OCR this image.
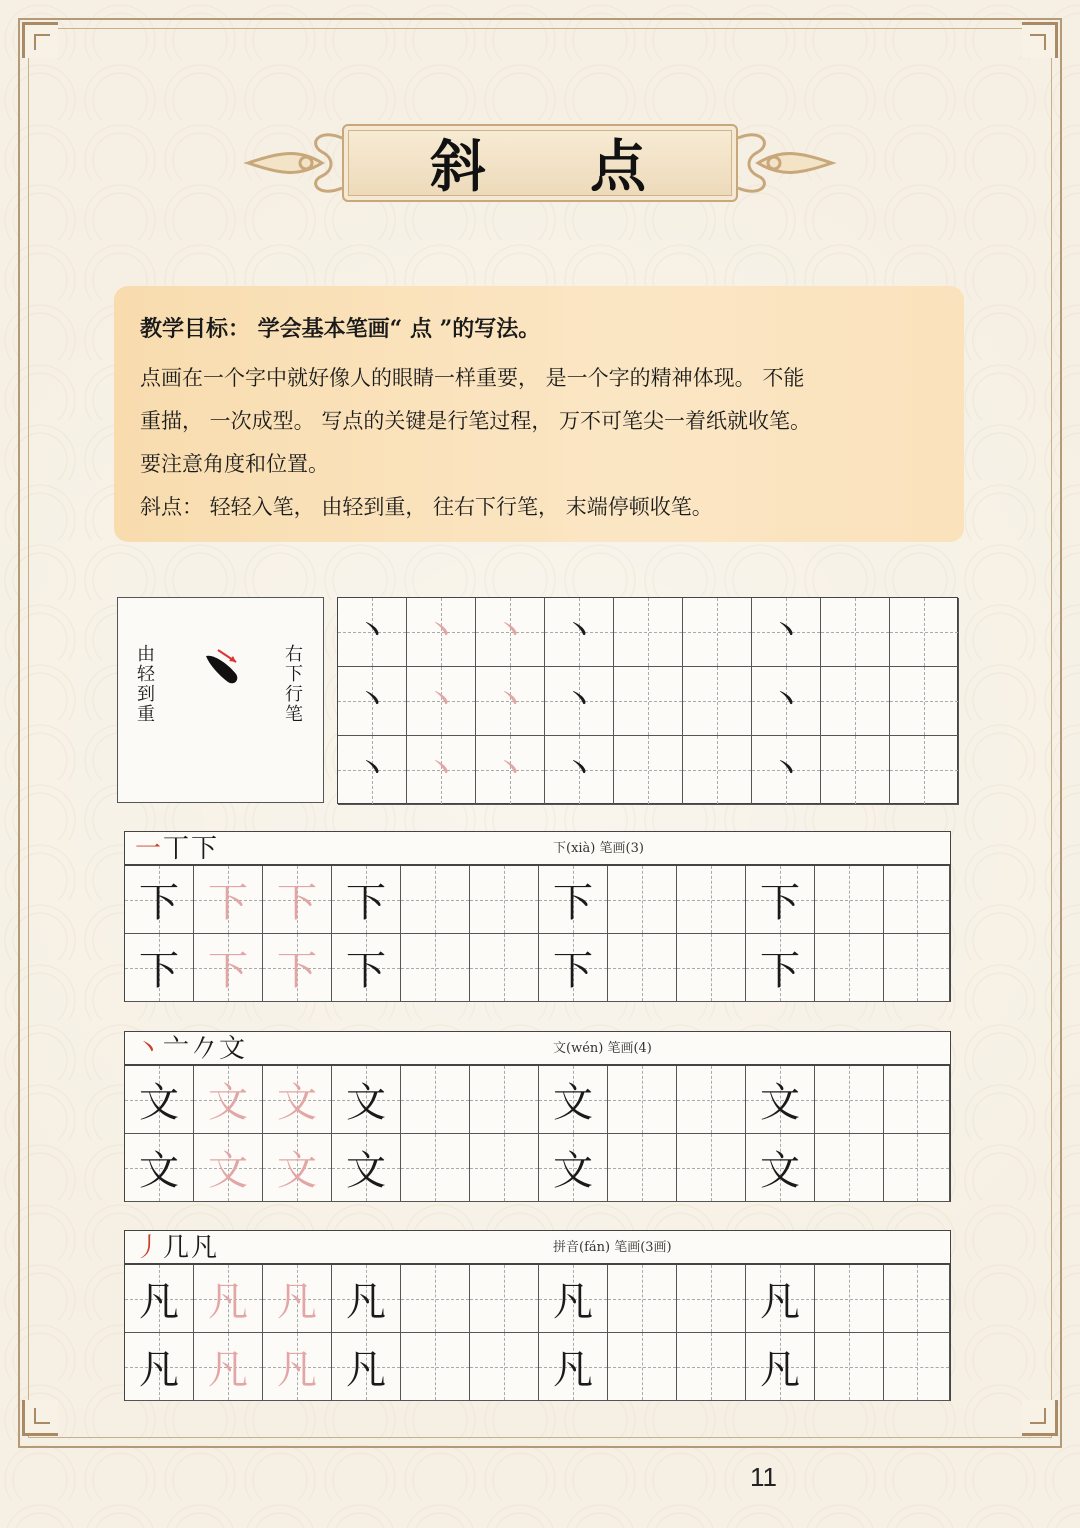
斜 点

教学目标： 学会基本笔画“ 点 ”的写法。

点画在一个字中就好像人的眼睛一样重要， 是一个字的精神体现。 不能

重描， 一次成型。 写点的关键是行笔过程， 万不可笔尖一着纸就收笔。

要注意角度和位置。

斜点： 轻轻入笔， 由轻到重， 往右下行笔， 末端停顿收笔。

由轻到重	右下行笔
丶	丶	丶	丶	丶
丶	丶	丶	丶	丶
丶	丶	丶	丶	丶
一丅下	下(xià) 笔画(3)
下 下 下 下	下	下
下 下 下 下	下	下
丶亠𠂊文	文(wén) 笔画(4)
文 文 文 文	文	文
文 文 文 文	文	文
丿几凡	拼音(fán) 笔画(3画)
凡 凡 凡 凡	凡	凡
凡 凡 凡 凡	凡	凡
11
